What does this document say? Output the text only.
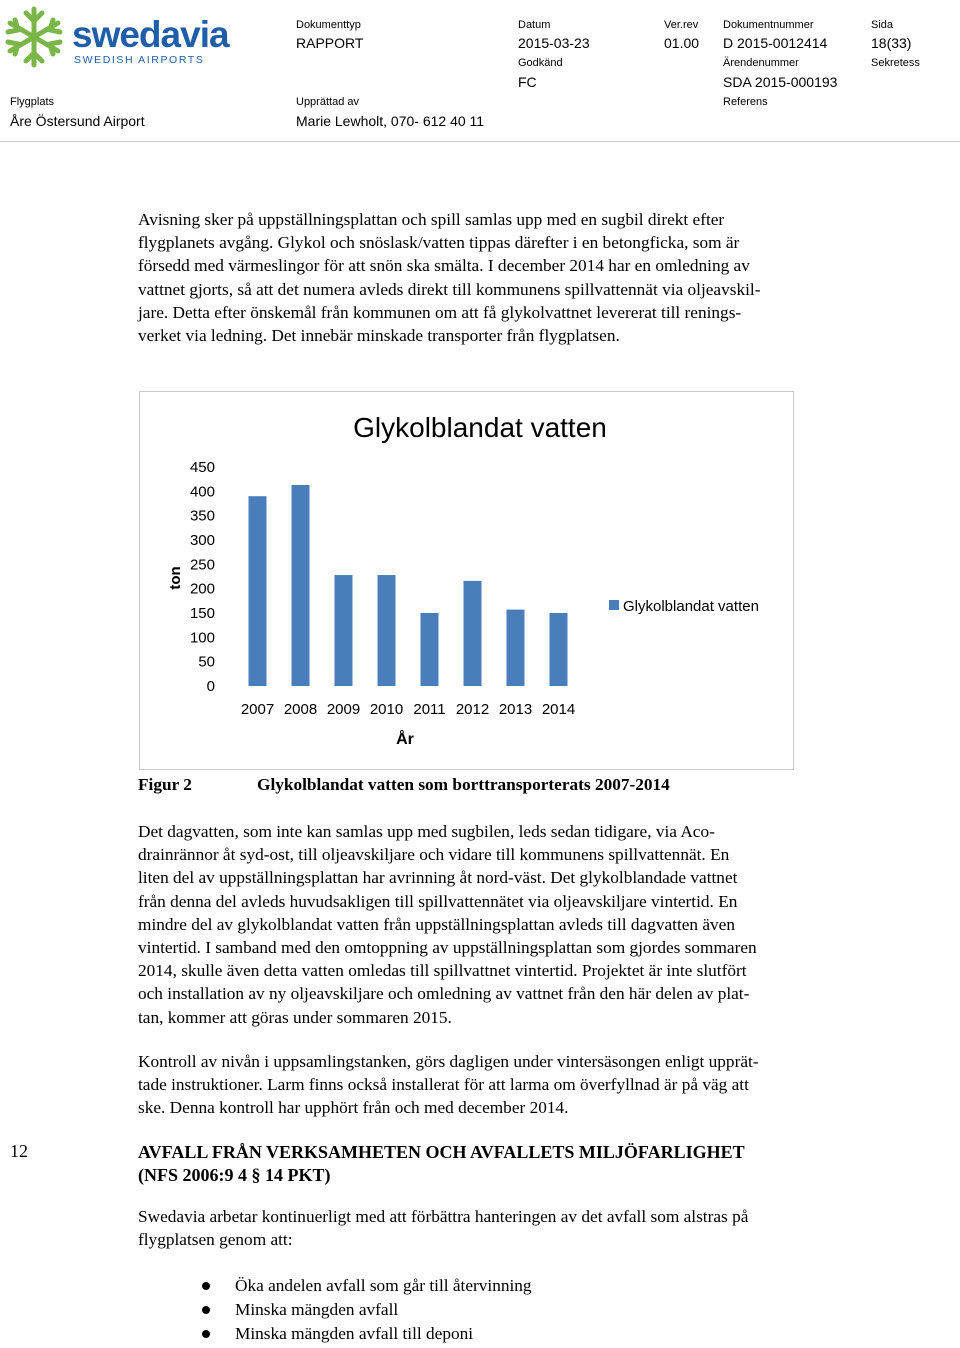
swedavia
SWEDISH AIRPORTS
Dokumenttyp
RAPPORT
Datum
2015-03-23
Ver.rev
01.00
Dokumentnummer
D 2015-0012414
Sida
18(33)
Godkänd
FC
Ärendenummer
SDA 2015-000193
Sekretess
Flygplats
Åre Östersund Airport
Upprättad av
Marie Lewholt, 070- 612 40 11
Referens
Avisning sker på uppställningsplattan och spill samlas upp med en sugbil direkt efter
flygplanets avgång. Glykol och snöslask/vatten tippas därefter i en betongficka, som är
försedd med värmeslingor för att snön ska smälta. I december 2014 har en omledning av
vattnet gjorts, så att det numera avleds direkt till kommunens spillvattennät via oljeavskil-
jare. Detta efter önskemål från kommunen om att få glykolvattnet levererat till renings-
verket via ledning. Det innebär minskade transporter från flygplatsen.
Glykolblandat vatten
ton
År
450
400
350
300
250
200
150
100
50
0
2007 2008 2009 2010 2011 2012 2013 2014
Glykolblandat vatten
Figur 2	Glykolblandat vatten som borttransporterats 2007-2014
Det dagvatten, som inte kan samlas upp med sugbilen, leds sedan tidigare, via Aco-
drainrännor åt syd-ost, till oljeavskiljare och vidare till kommunens spillvattennät. En
liten del av uppställningsplattan har avrinning åt nord-väst. Det glykolblandade vattnet
från denna del avleds huvudsakligen till spillvattennätet via oljeavskiljare vintertid. En
mindre del av glykolblandat vatten från uppställningsplattan avleds till dagvatten även
vintertid. I samband med den omtoppning av uppställningsplattan som gjordes sommaren
2014, skulle även detta vatten omledas till spillvattnet vintertid. Projektet är inte slutfört
och installation av ny oljeavskiljare och omledning av vattnet från den här delen av plat-
tan, kommer att göras under sommaren 2015.
Kontroll av nivån i uppsamlingstanken, görs dagligen under vintersäsongen enligt upprät-
tade instruktioner. Larm finns också installerat för att larma om överfyllnad är på väg att
ske. Denna kontroll har upphört från och med december 2014.
12	AVFALL FRÅN VERKSAMHETEN OCH AVFALLETS MILJÖFARLIGHET
(NFS 2006:9 4 § 14 PKT)
Swedavia arbetar kontinuerligt med att förbättra hanteringen av det avfall som alstras på
flygplatsen genom att:
Öka andelen avfall som går till återvinning
Minska mängden avfall
Minska mängden avfall till deponi
